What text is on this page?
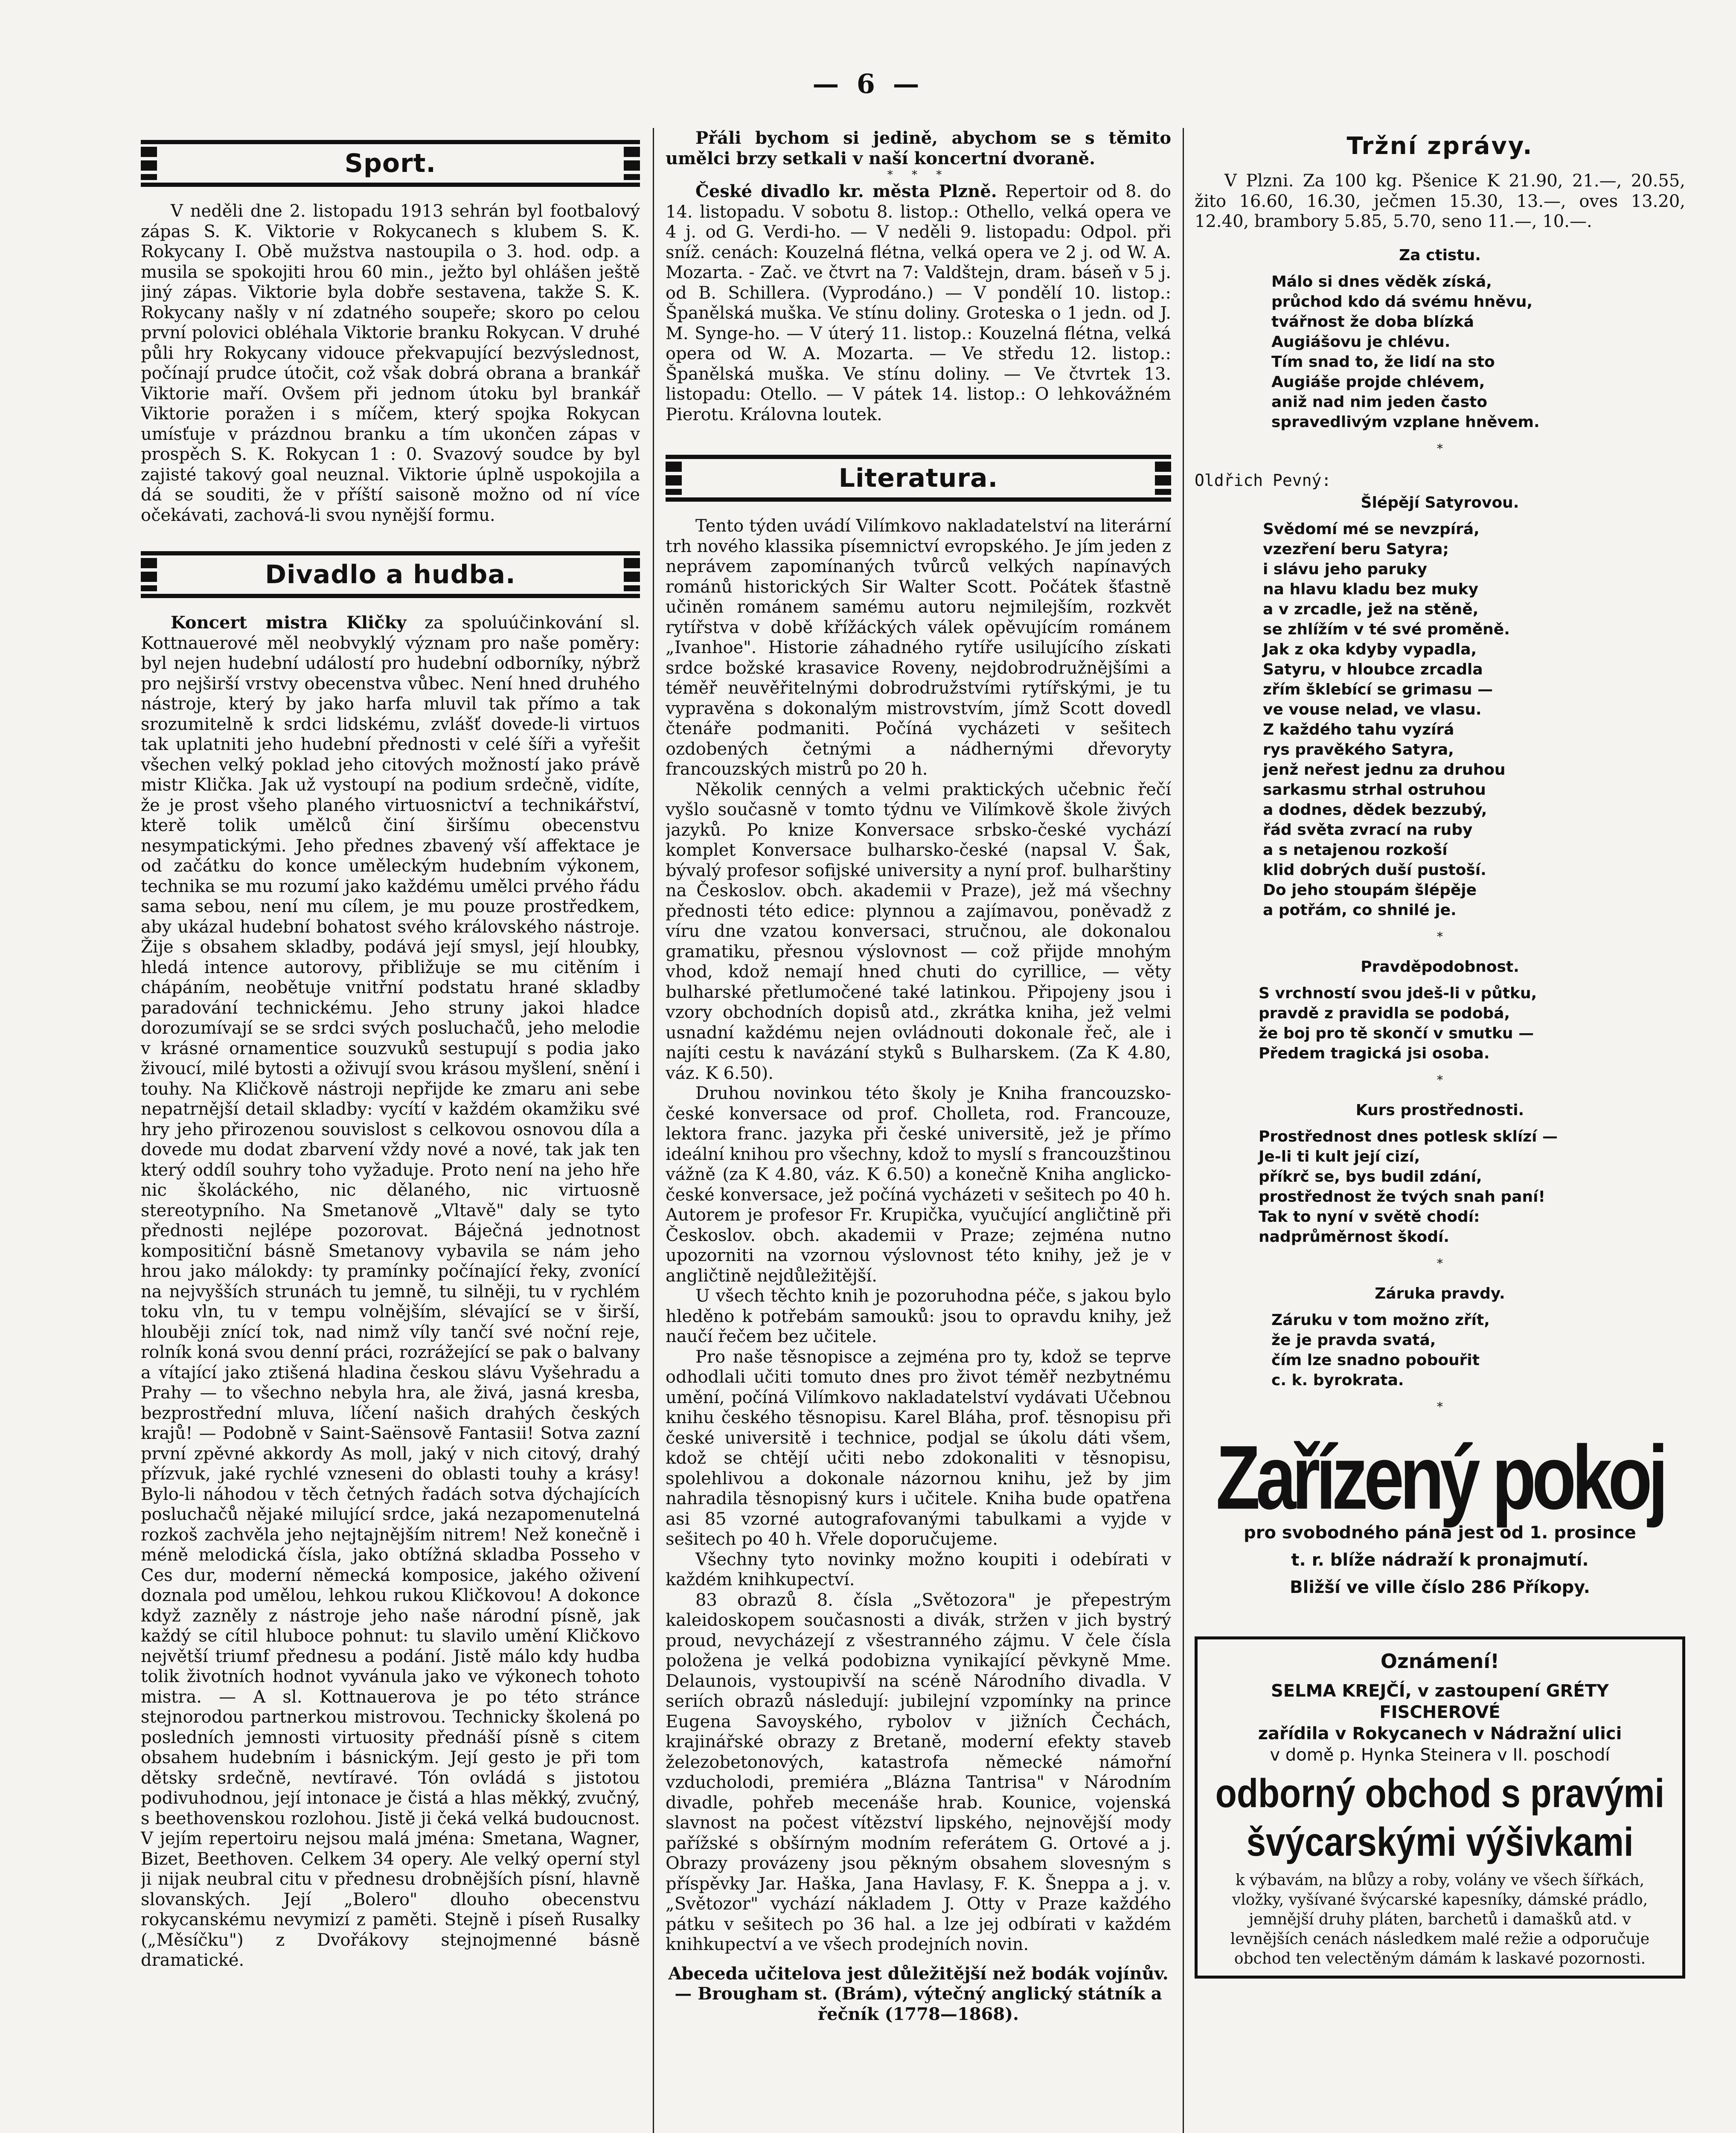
— 6 —
Sport.

V neděli dne 2. listopadu 1913 sehrán byl footbalový zápas S. K. Viktorie v Rokycanech s klubem S. K. Rokycany I. Obě mužstva nastoupila o 3. hod. odp. a musila se spokojiti hrou 60 min., ježto byl ohlášen ještě jiný zápas. Viktorie byla dobře sestavena, takže S. K. Rokycany našly v ní zdatného soupeře; skoro po celou první polovici obléhala Viktorie branku Rokycan. V druhé půli hry Rokycany vidouce překvapující bezvýslednost, počínají prudce útočit, což však dobrá obrana a brankář Viktorie maří. Ovšem při jednom útoku byl brankář Viktorie poražen i s míčem, který spojka Rokycan umísťuje v prázdnou branku a tím ukončen zápas v prospěch S. K. Rokycan 1 : 0. Svazový soudce by byl zajisté takový goal neuznal. Viktorie úplně uspokojila a dá se souditi, že v příští saisoně možno od ní více očekávati, zachová-li svou nynější formu.

Divadlo a hudba.

Koncert mistra Kličky za spoluúčinkování sl. Kottnauerové měl neobvyklý význam pro naše poměry: byl nejen hudební událostí pro hudební odborníky, nýbrž pro nejširší vrstvy obecenstva vůbec. Není hned druhého nástroje, který by jako harfa mluvil tak přímo a tak srozumitelně k srdci lidskému, zvlášť dovede-li virtuos tak uplatniti jeho hudební přednosti v celé šíři a vyřešit všechen velký poklad jeho citových možností jako právě mistr Klička. Jak už vystoupí na podium srdečně, vidíte, že je prost všeho planého virtuosnictví a technikářství, kterě tolik umělců činí širšímu obecenstvu nesympatickými. Jeho přednes zbavený vší affektace je od začátku do konce uměleckým hudebním výkonem, technika se mu rozumí jako každému umělci prvého řádu sama sebou, není mu cílem, je mu pouze prostředkem, aby ukázal hudební bohatost svého královského nástroje. Žije s obsahem skladby, podává její smysl, její hloubky, hledá intence autorovy, přibližuje se mu citěním i chápáním, neobětuje vnitřní podstatu hrané skladby paradování technickému. Jeho struny jakoi hladce dorozumívají se se srdci svých posluchačů, jeho melodie v krásné ornamentice souzvuků sestupují s podia jako živoucí, milé bytosti a oživují svou krásou myšlení, snění i touhy. Na Kličkově nástroji nepřijde ke zmaru ani sebe nepatrnější detail skladby: vycítí v každém okamžiku své hry jeho přirozenou souvislost s celkovou osnovou díla a dovede mu dodat zbarvení vždy nové a nové, tak jak ten který oddíl souhry toho vyžaduje. Proto není na jeho hře nic školáckého, nic dělaného, nic virtuosně stereotypního. Na Smetanově „Vltavě" daly se tyto přednosti nejlépe pozorovat. Báječná jednotnost kompositiční básně Smetanovy vybavila se nám jeho hrou jako málokdy: ty pramínky počínající řeky, zvonící na nejvyšších strunách tu jemně, tu silněji, tu v rychlém toku vln, tu v tempu volnějším, slévající se v širší, hlouběji znící tok, nad nimž víly tančí své noční reje, rolník koná svou denní práci, rozrážející se pak o balvany a vítající jako ztišená hladina českou slávu Vyšehradu a Prahy — to všechno nebyla hra, ale živá, jasná kresba, bezprostřední mluva, líčení našich drahých českých krajů! — Podobně v Saint-Saënsově Fantasii! Sotva zazní první zpěvné akkordy As moll, jaký v nich citový, drahý přízvuk, jaké rychlé vzneseni do oblasti touhy a krásy! Bylo-li náhodou v těch četných řadách sotva dýchajících posluchačů nějaké milující srdce, jaká nezapomenutelná rozkoš zachvěla jeho nejtajnějším nitrem! Než konečně i méně melodická čísla, jako obtížná skladba Posseho v Ces dur, moderní německá komposice, jakého oživení doznala pod umělou, lehkou rukou Kličkovou! A dokonce když zazněly z nástroje jeho naše národní písně, jak každý se cítil hluboce pohnut: tu slavilo umění Kličkovo největší triumf přednesu a podání. Jistě málo kdy hudba tolik životních hodnot vyvánula jako ve výkonech tohoto mistra. — A sl. Kottnauerova je po této stránce stejnorodou partnerkou mistrovou. Technicky školená po posledních jemnosti virtuosity přednáší písně s citem obsahem hudebním i básnickým. Její gesto je při tom dětsky srdečně, nevtíravé. Tón ovládá s jistotou podivuhodnou, její intonace je čistá a hlas měkký, zvučný, s beethovenskou rozlohou. Jistě ji čeká velká budoucnost. V jejím repertoiru nejsou malá jména: Smetana, Wagner, Bizet, Beethoven. Celkem 34 opery. Ale velký operní styl ji nijak neubral citu v přednesu drobnějších písní, hlavně slovanských. Její „Bolero" dlouho obecenstvu rokycanskému nevymizí z paměti. Stejně i píseň Rusalky („Měsíčku") z Dvořákovy stejnojmenné básně dramatické.

Přáli bychom si jedině, abychom se s těmito umělci brzy setkali v naší koncertní dvoraně.

* * *

České divadlo kr. města Plzně. Repertoir od 8. do 14. listopadu. V sobotu 8. listop.: Othello, velká opera ve 4 j. od G. Verdi-ho. — V neděli 9. listopadu: Odpol. při sníž. cenách: Kouzelná flétna, velká opera ve 2 j. od W. A. Mozarta. - Zač. ve čtvrt na 7: Valdštejn, dram. báseň v 5 j. od B. Schillera. (Vyprodáno.) — V pondělí 10. listop.: Španělská muška. Ve stínu doliny. Groteska o 1 jedn. od J. M. Synge-ho. — V úterý 11. listop.: Kouzelná flétna, velká opera od W. A. Mozarta. — Ve středu 12. listop.: Španělská muška. Ve stínu doliny. — Ve čtvrtek 13. listopadu: Otello. — V pátek 14. listop.: O lehkovážném Pierotu. Královna loutek.

Literatura.

Tento týden uvádí Vilímkovo nakladatelství na literární trh nového klassika písemnictví evropského. Je jím jeden z neprávem zapomínaných tvůrců velkých napínavých románů historických Sir Walter Scott. Počátek šťastně učiněn románem samému autoru nejmilejším, rozkvět rytířstva v době křížáckých válek opěvujícím románem „Ivanhoe". Historie záhadného rytíře usilujícího získati srdce božské krasavice Roveny, nejdobrodružnějšími a téměř neuvěřitelnými dobrodružstvími rytířskými, je tu vypravěna s dokonalým mistrovstvím, jímž Scott dovedl čtenáře podmaniti. Počíná vycházeti v sešitech ozdobených četnými a nádhernými dřevoryty francouzských mistrů po 20 h.

Několik cenných a velmi praktických učebnic řečí vyšlo současně v tomto týdnu ve Vilímkově škole živých jazyků. Po knize Konversace srbsko-české vychází komplet Konversace bulharsko-české (napsal V. Šak, bývalý profesor sofijské university a nyní prof. bulharštiny na Českoslov. obch. akademii v Praze), jež má všechny přednosti této edice: plynnou a zajímavou, poněvadž z víru dne vzatou konversaci, stručnou, ale dokonalou gramatiku, přesnou výslovnost — což přijde mnohým vhod, kdož nemají hned chuti do cyrillice, — věty bulharské přetlumočené také latinkou. Připojeny jsou i vzory obchodních dopisů atd., zkrátka kniha, jež velmi usnadní každému nejen ovládnouti dokonale řeč, ale i najíti cestu k navázání styků s Bulharskem. (Za K 4.80, váz. K 6.50).

Druhou novinkou této školy je Kniha francouzsko-české konversace od prof. Cholleta, rod. Francouze, lektora franc. jazyka při české universitě, jež je přímo ideální knihou pro všechny, kdož to myslí s francouzštinou vážně (za K 4.80, váz. K 6.50) a konečně Kniha anglicko-české konversace, jež počíná vycházeti v sešitech po 40 h. Autorem je profesor Fr. Krupička, vyučující angličtině při Českoslov. obch. akademii v Praze; zejména nutno upozorniti na vzornou výslovnost této knihy, jež je v angličtině nejdůležitější.

U všech těchto knih je pozoruhodna péče, s jakou bylo hleděno k potřebám samouků: jsou to opravdu knihy, jež naučí řečem bez učitele.

Pro naše těsnopisce a zejména pro ty, kdož se teprve odhodlali učiti tomuto dnes pro život téměř nezbytnému umění, počíná Vilímkovo nakladatelství vydávati Učebnou knihu českého těsnopisu. Karel Bláha, prof. těsnopisu při české universitě i technice, podjal se úkolu dáti všem, kdož se chtějí učiti nebo zdokonaliti v těsnopisu, spolehlivou a dokonale názornou knihu, jež by jim nahradila těsnopisný kurs i učitele. Kniha bude opatřena asi 85 vzorné autografovanými tabulkami a vyjde v sešitech po 40 h. Vřele doporučujeme.

Všechny tyto novinky možno koupiti i odebírati v každém knihkupectví.

83 obrazů 8. čísla „Světozora" je přepestrým kaleidoskopem současnosti a divák, stržen v jich bystrý proud, nevycházejí z všestranného zájmu. V čele čísla položena je velká podobizna vynikající pěvkyně Mme. Delaunois, vystoupivší na scéně Národního divadla. V seriích obrazů následují: jubilejní vzpomínky na prince Eugena Savoyského, rybolov v jižních Čechách, krajinářské obrazy z Bretaně, moderní efekty staveb železobetonových, katastrofa německé námořní vzducholodi, premiéra „Blázna Tantrisa" v Národním divadle, pohřeb mecenáše hrab. Kounice, vojenská slavnost na počest vítězství lipského, nejnovější mody pařížské s obšírným modním referátem G. Ortové a j. Obrazy provázeny jsou pěkným obsahem slovesným s příspěvky Jar. Haška, Jana Havlasy, F. K. Šneppa a j. v. „Světozor" vychází nákladem J. Otty v Praze každého pátku v sešitech po 36 hal. a lze jej odbírati v každém knihkupectví a ve všech prodejních novin.

Abeceda učitelova jest důležitější než bodák vojínův. — Brougham st. (Brám), výtečný anglický státník a řečník (1778—1868).

Tržní zprávy.

V Plzni. Za 100 kg. Pšenice K 21.90, 21.—, 20.55, žito 16.60, 16.30, ječmen 15.30, 13.—, oves 13.20, 12.40, brambory 5.85, 5.70, seno 11.—, 10.—.

Za ctistu.

Málo si dnes věděk získá,

průchod kdo dá svému hněvu,

tvářnost že doba blízká

Augiášovu je chlévu.

Tím snad to, že lidí na sto

Augiáše projde chlévem,

aniž nad nim jeden často

spravedlivým vzplane hněvem.

*
Oldřich Pevný:
Šlépějí Satyrovou.

Svědomí mé se nevzpírá,

vzezření beru Satyra;

i slávu jeho paruky

na hlavu kladu bez muky

a v zrcadle, jež na stěně,

se zhlížím v té své proměně.

Jak z oka kdyby vypadla,

Satyru, v hloubce zrcadla

zřím šklebící se grimasu —

ve vouse nelad, ve vlasu.

Z každého tahu vyzírá

rys pravěkého Satyra,

jenž neřest jednu za druhou

sarkasmu strhal ostruhou

a dodnes, dědek bezzubý,

řád světa zvrací na ruby

a s netajenou rozkoší

klid dobrých duší pustoší.

Do jeho stoupám šlépěje

a potřám, co shnilé je.

*
Pravděpodobnost.

S vrchností svou jdeš-li v půtku,

pravdě z pravidla se podobá,

že boj pro tě skončí v smutku —

Předem tragická jsi osoba.

*
Kurs prostřednosti.

Prostřednost dnes potlesk sklízí —

Je-li ti kult její cizí,

příkrč se, bys budil zdání,

prostřednost že tvých snah paní!

Tak to nyní v světě chodí:

nadprůměrnost škodí.

*
Záruka pravdy.

Záruku v tom možno zřít,

že je pravda svatá,

čím lze snadno pobouřit

c. k. byrokrata.

*
Zařízený pokoj
pro svobodného pána jest od 1. prosince
t. r. blíže nádraží k pronajmutí.
Bližší ve ville číslo 286 Příkopy.
Oznámení!

SELMA KREJČÍ, v zastoupení GRÉTY FISCHEROVÉ

zařídila v Rokycanech v Nádražní ulici

v domě p. Hynka Steinera v II. poschodí

odborný obchod s pravými
švýcarskými výšivkami

k výbavám, na blůzy a roby, volány ve všech šířkách, vložky, vyšívané švýcarské kapesníky, dámské prádlo, jemnější druhy pláten, barchetů i damašků atd. v levnějších cenách následkem malé režie a odporučuje obchod ten velectěným dámám k laskavé pozornosti.
